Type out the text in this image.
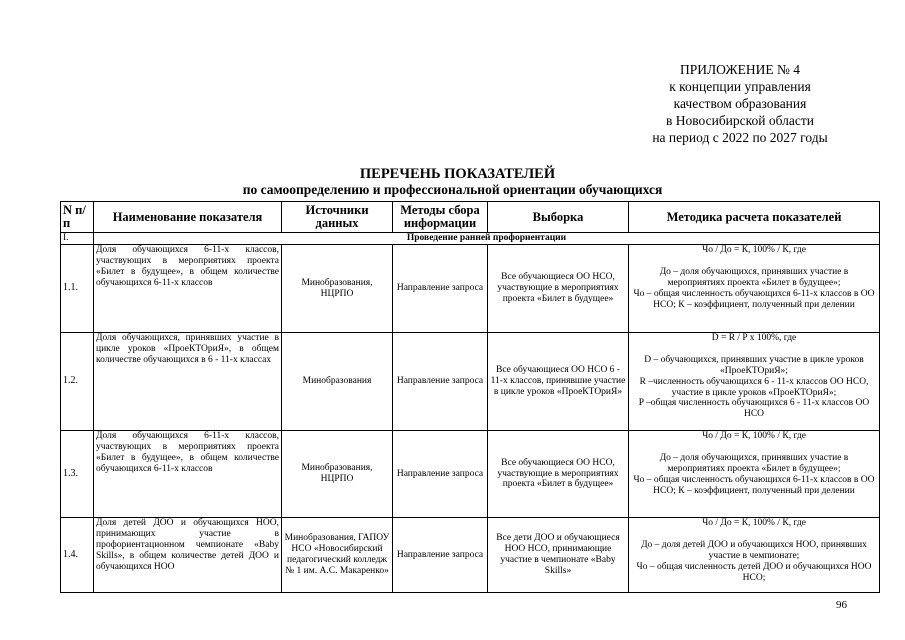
ПРИЛОЖЕНИЕ № 4
к концепции управления
качеством образования
в Новосибирской области
на период с 2022 по 2027 годы
ПЕРЕЧЕНЬ ПОКАЗАТЕЛЕЙ
по самоопределению и профессиональной ориентации обучающихся
N п/п	Наименование показателя	Источники данных	Методы сбора информации	Выборка	Методика расчета показателей
I.	Проведение ранней профориентации				
1.1.	Доля обучающихся 6-11-х классов, участвующих в мероприятиях проекта «Билет в будущее», в общем количестве обучающихся 6-11-х классов	Минобразования, НЦРПО	Направление запроса	Все обучающиеся ОО НСО, участвующие в мероприятиях проекта «Билет в будущее»	Чо / До = К, 100% / К, где

До – доля обучающихся, принявших участие в мероприятиях проекта «Билет в будущее»;

Чо – общая численность обучающихся 6-11-х классов в ОО НСО; К – коэффициент, полученный при делении

1.2.	Доля обучающихся, принявших участие в цикле уроков «ПроеКТОриЯ», в общем количестве обучающихся в 6 - 11-х классах	Минобразования	Направление запроса	Все обучающиеся ОО НСО 6 - 11-х классов, принявшие участие в цикле уроков «ПроеКТОриЯ»	D = R / P х 100%, где

D – обучающихся, принявших участие в цикле уроков «ПроеКТОриЯ»;

R –численность обучающихся 6 - 11-х классов ОО НСО, участие в цикле уроков «ПроеКТОриЯ»;

P –общая численность обучающихся 6 - 11-х классов ОО НСО

1.3.	Доля обучающихся 6-11-х классов, участвующих в мероприятиях проекта «Билет в будущее», в общем количестве обучающихся 6-11-х классов	Минобразования, НЦРПО	Направление запроса	Все обучающиеся ОО НСО, участвующие в мероприятиях проекта «Билет в будущее»	Чо / До = К, 100% / К, где

До – доля обучающихся, принявших участие в мероприятиях проекта «Билет в будущее»;

Чо – общая численность обучающихся 6-11-х классов в ОО НСО; К – коэффициент, полученный при делении

1.4.	Доля детей ДОО и обучающихся НОО, принимающих участие в профориентационном чемпионате «Baby Skills», в общем количестве детей ДОО и обучающихся НОО	Минобразования, ГАПОУ НСО «Новосибирский педагогический колледж № 1 им. А.С. Макаренко»	Направление запроса	Все дети ДОО и обучающиеся НОО НСО, принимающие участие в чемпионате «Baby Skills»	Чо / До = К, 100% / К, где

До – доля детей ДОО и обучающихся НОО, принявших участие в чемпионате;

Чо – общая численность детей ДОО и обучающихся НОО НСО;

96
